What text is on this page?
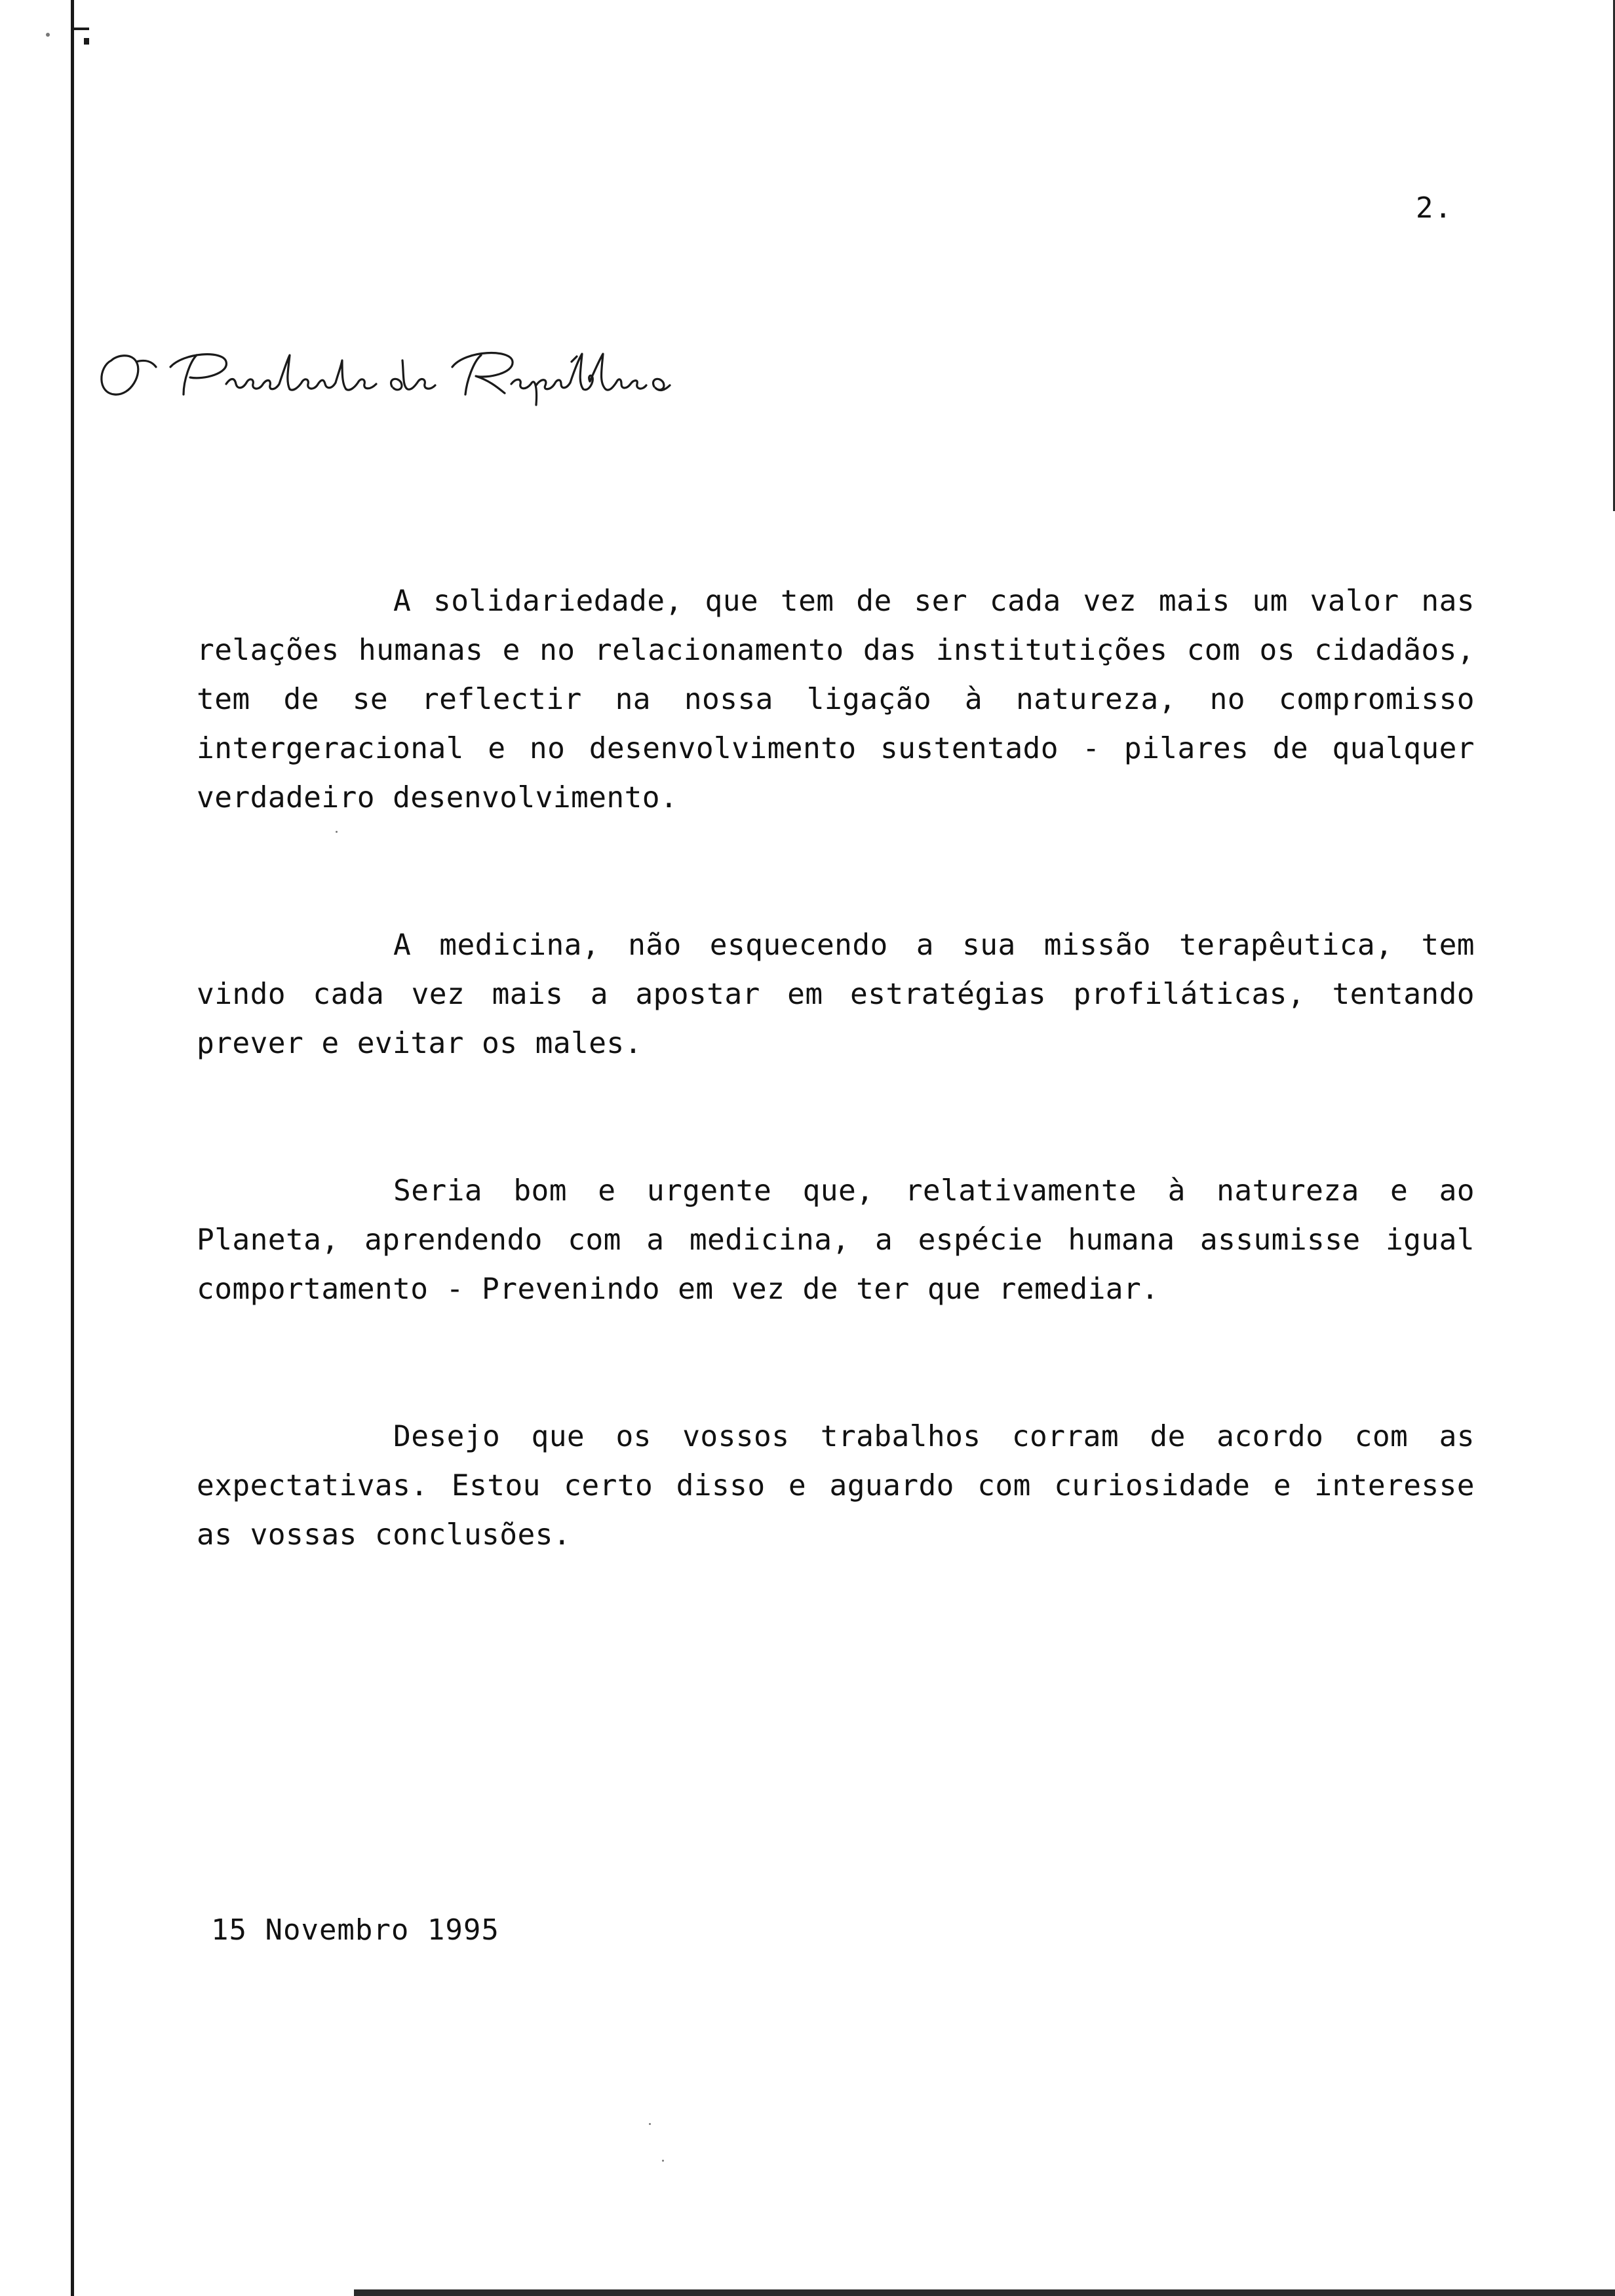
2.

A solidariedade, que tem de ser cada vez mais um valor nas relações humanas e no relacionamento das institutições com os cidadãos, tem de se reflectir na nossa ligação à natureza, no compromisso intergeracional e no desenvolvimento sustentado - pilares de qualquer verdadeiro desenvolvimento.

A medicina, não esquecendo a sua missão terapêutica, tem vindo cada vez mais a apostar em estratégias profiláticas, tentando prever e evitar os males.

Seria bom e urgente que, relativamente à natureza e ao Planeta, aprendendo com a medicina, a espécie humana assumisse igual comportamento - Prevenindo em vez de ter que remediar.

Desejo que os vossos trabalhos corram de acordo com as expectativas. Estou certo disso e aguardo com curiosidade e interesse as vossas conclusões.

15 Novembro 1995
